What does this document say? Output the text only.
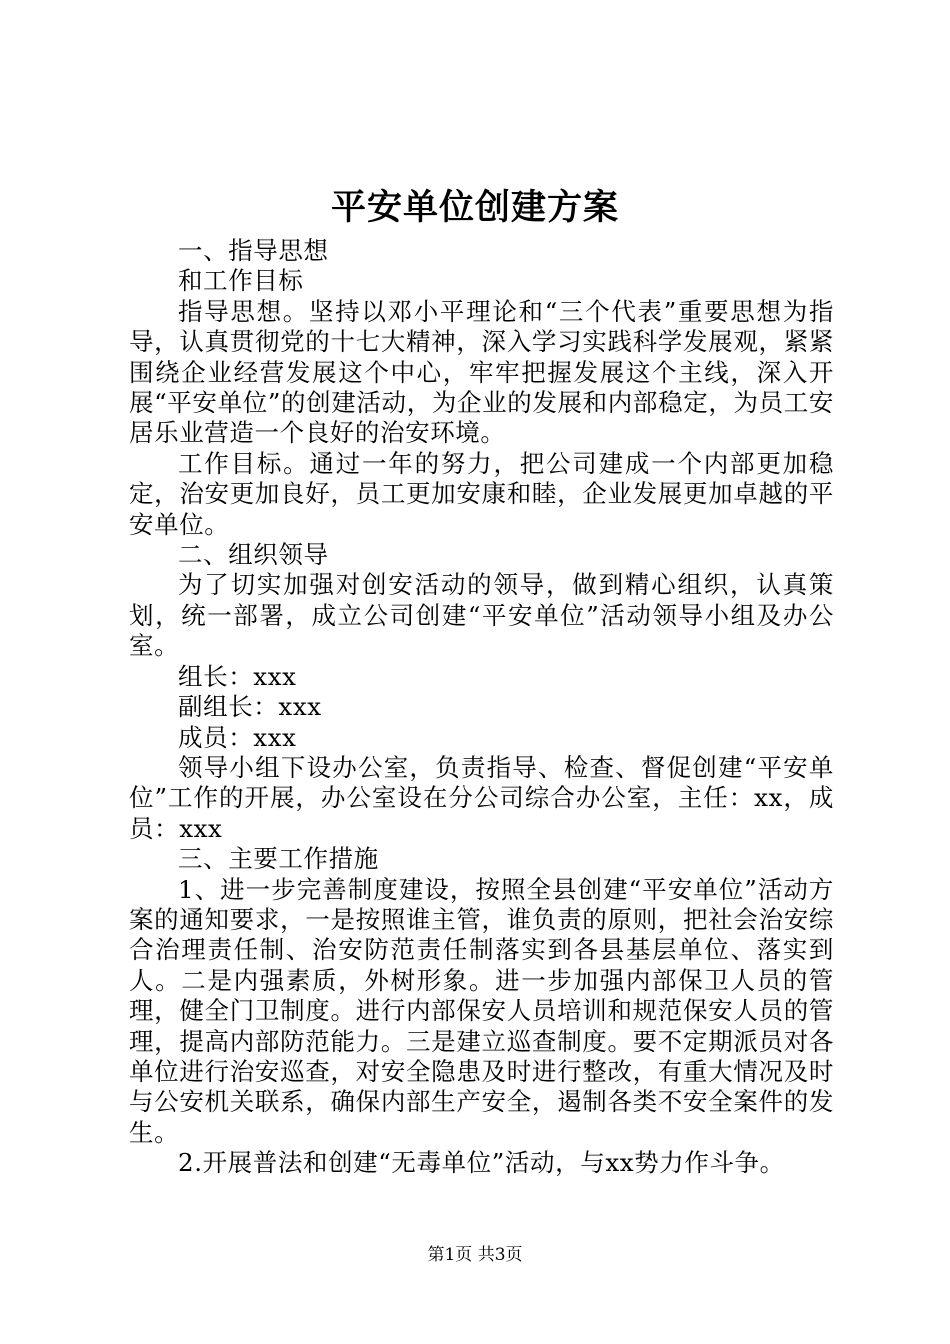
平安单位创建方案

一、指导思想

和工作目标

指导思想。坚持以邓小平理论和“三个代表”重要思想为指导，认真贯彻党的十七大精神，深入学习实践科学发展观，紧紧围绕企业经营发展这个中心，牢牢把握发展这个主线，深入开展“平安单位”的创建活动，为企业的发展和内部稳定，为员工安居乐业营造一个良好的治安环境。

工作目标。通过一年的努力，把公司建成一个内部更加稳定，治安更加良好，员工更加安康和睦，企业发展更加卓越的平安单位。

二、组织领导

为了切实加强对创安活动的领导，做到精心组织，认真策划，统一部署，成立公司创建“平安单位”活动领导小组及办公室。

组长：xxx

副组长：xxx

成员：xxx

领导小组下设办公室，负责指导、检查、督促创建“平安单位”工作的开展，办公室设在分公司综合办公室，主任：xx，成员：xxx

三、主要工作措施

1、进一步完善制度建设，按照全县创建“平安单位”活动方案的通知要求，一是按照谁主管，谁负责的原则，把社会治安综合治理责任制、治安防范责任制落实到各县基层单位、落实到人。二是内强素质，外树形象。进一步加强内部保卫人员的管理，健全门卫制度。进行内部保安人员培训和规范保安人员的管理，提高内部防范能力。三是建立巡查制度。要不定期派员对各单位进行治安巡查，对安全隐患及时进行整改，有重大情况及时与公安机关联系，确保内部生产安全，遏制各类不安全案件的发生。

2.开展普法和创建“无毒单位”活动，与xx势力作斗争。

第1页 共3页
